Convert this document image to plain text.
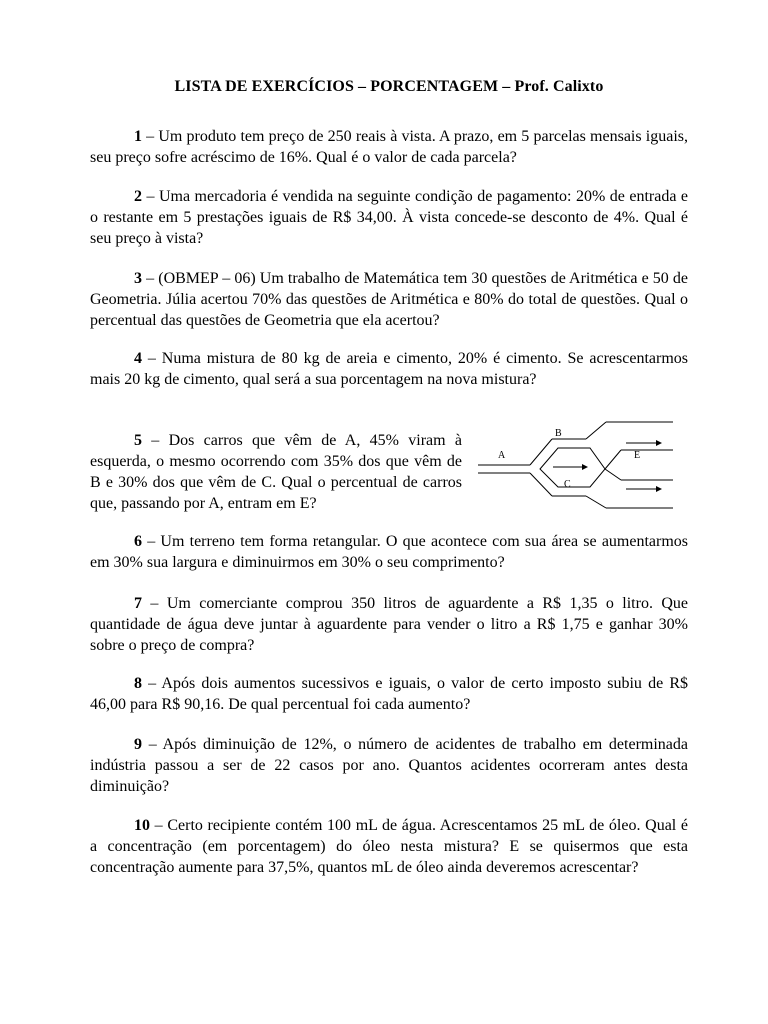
LISTA DE EXERCÍCIOS – PORCENTAGEM – Prof. Calixto

1 – Um produto tem preço de 250 reais à vista. A prazo, em 5 parcelas mensais iguais, seu preço sofre acréscimo de 16%. Qual é o valor de cada parcela?

2 – Uma mercadoria é vendida na seguinte condição de pagamento: 20% de entrada e o restante em 5 prestações iguais de R$ 34,00. À vista concede-se desconto de 4%. Qual é seu preço à vista?

3 – (OBMEP – 06) Um trabalho de Matemática tem 30 questões de Aritmética e 50 de Geometria. Júlia acertou 70% das questões de Aritmética e 80% do total de questões. Qual o percentual das questões de Geometria que ela acertou?

4 – Numa mistura de 80 kg de areia e cimento, 20% é cimento. Se acrescentarmos mais 20 kg de cimento, qual será a sua porcentagem na nova mistura?

5 – Dos carros que vêm de A, 45% viram à esquerda, o mesmo ocorrendo com 35% dos que vêm de B e 30% dos que vêm de C. Qual o percentual de carros que, passando por A, entram em E?

6 – Um terreno tem forma retangular. O que acontece com sua área se aumentarmos em 30% sua largura e diminuirmos em 30% o seu comprimento?

7 – Um comerciante comprou 350 litros de aguardente a R$ 1,35 o litro. Que quantidade de água deve juntar à aguardente para vender o litro a R$ 1,75 e ganhar 30% sobre o preço de compra?

8 – Após dois aumentos sucessivos e iguais, o valor de certo imposto subiu de R$ 46,00 para R$ 90,16. De qual percentual foi cada aumento?

9 – Após diminuição de 12%, o número de acidentes de trabalho em determinada indústria passou a ser de 22 casos por ano. Quantos acidentes ocorreram antes desta diminuição?

10 – Certo recipiente contém 100 mL de água. Acrescentamos 25 mL de óleo. Qual é a concentração (em porcentagem) do óleo nesta mistura? E se quisermos que esta concentração aumente para 37,5%, quantos mL de óleo ainda deveremos acrescentar?

A
B
C
E
